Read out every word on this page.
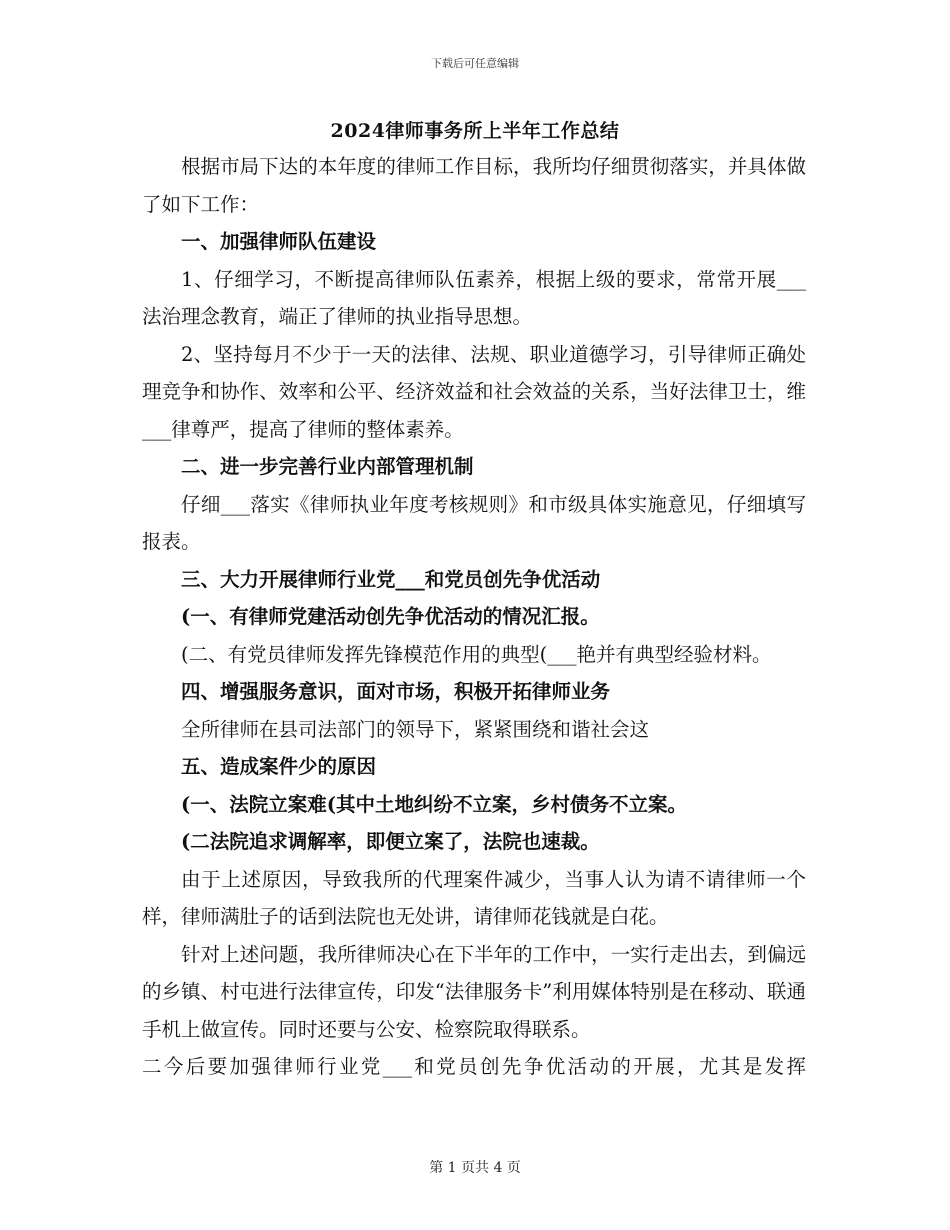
下载后可任意编辑
2024律师事务所上半年工作总结

根据市局下达的本年度的律师工作目标，我所均仔细贯彻落实，并具体做了如下工作：

一、加强律师队伍建设

1、仔细学习，不断提高律师队伍素养，根据上级的要求，常常开展___法治理念教育，端正了律师的执业指导思想。

2、坚持每月不少于一天的法律、法规、职业道德学习，引导律师正确处理竞争和协作、效率和公平、经济效益和社会效益的关系，当好法律卫士，维___律尊严，提高了律师的整体素养。

二、进一步完善行业内部管理机制

仔细___落实《律师执业年度考核规则》和市级具体实施意见，仔细填写报表。

三、大力开展律师行业党___和党员创先争优活动

(一、有律师党建活动创先争优活动的情况汇报。

(二、有党员律师发挥先锋模范作用的典型(___艳并有典型经验材料。

四、增强服务意识，面对市场，积极开拓律师业务

全所律师在县司法部门的领导下，紧紧围绕和谐社会这

五、造成案件少的原因

(一、法院立案难(其中土地纠纷不立案，乡村债务不立案。

(二法院追求调解率，即便立案了，法院也速裁。

由于上述原因，导致我所的代理案件减少，当事人认为请不请律师一个样，律师满肚子的话到法院也无处讲，请律师花钱就是白花。

针对上述问题，我所律师决心在下半年的工作中，一实行走出去，到偏远的乡镇、村屯进行法律宣传，印发“法律服务卡”利用媒体特别是在移动、联通手机上做宣传。同时还要与公安、检察院取得联系。

二今后要加强律师行业党___和党员创先争优活动的开展，尤其是发挥

第 1 页共 4 页
